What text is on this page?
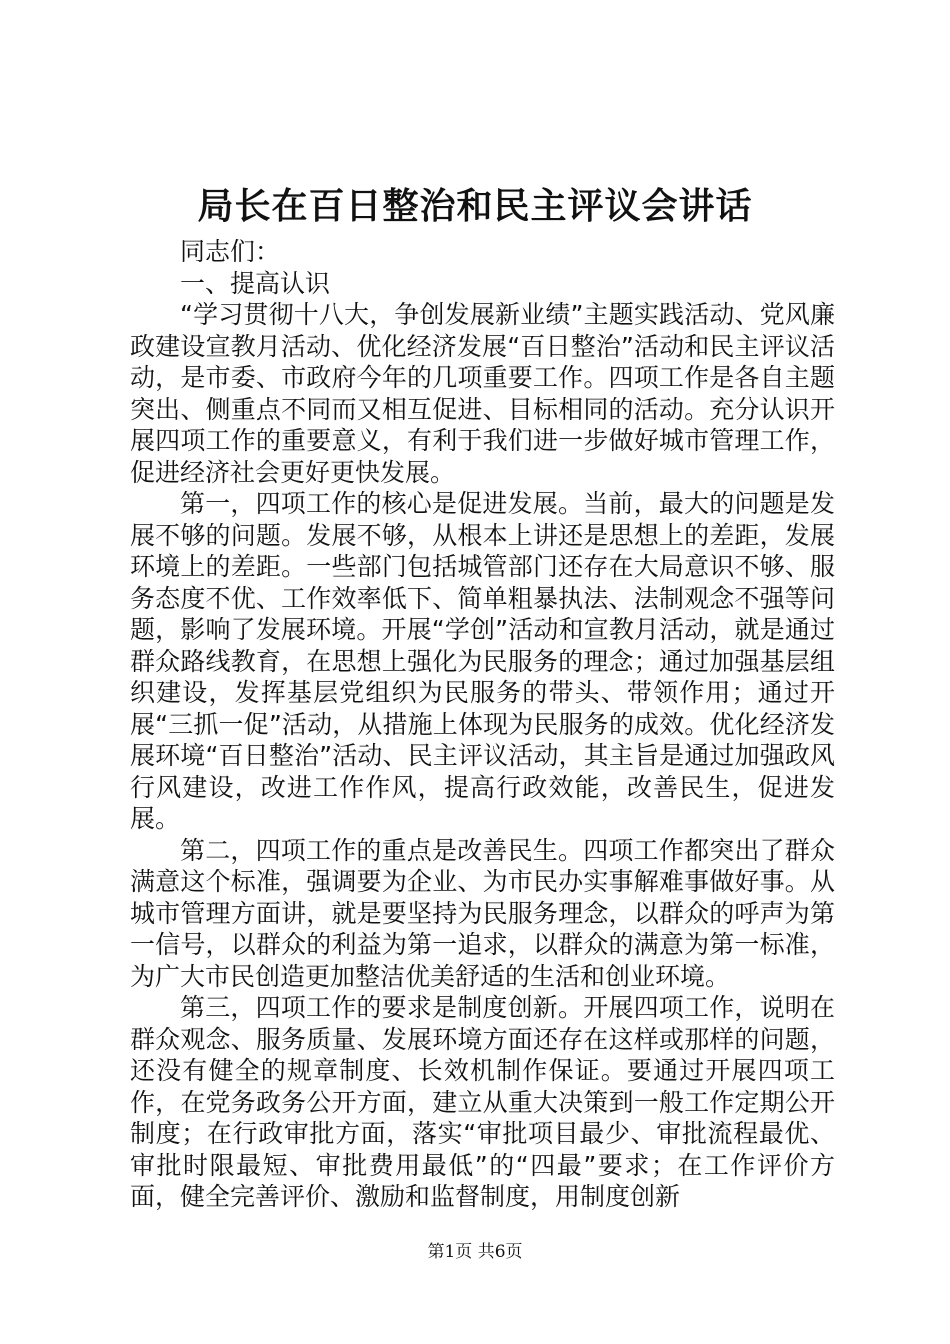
局长在百日整治和民主评议会讲话

同志们：

一、提高认识

“学习贯彻十八大，争创发展新业绩”主题实践活动、党风廉政建设宣教月活动、优化经济发展“百日整治”活动和民主评议活动，是市委、市政府今年的几项重要工作。四项工作是各自主题突出、侧重点不同而又相互促进、目标相同的活动。充分认识开展四项工作的重要意义，有利于我们进一步做好城市管理工作，促进经济社会更好更快发展。

第一，四项工作的核心是促进发展。当前，最大的问题是发展不够的问题。发展不够，从根本上讲还是思想上的差距，发展环境上的差距。一些部门包括城管部门还存在大局意识不够、服务态度不优、工作效率低下、简单粗暴执法、法制观念不强等问题，影响了发展环境。开展“学创”活动和宣教月活动，就是通过群众路线教育，在思想上强化为民服务的理念；通过加强基层组织建设，发挥基层党组织为民服务的带头、带领作用；通过开展“三抓一促”活动，从措施上体现为民服务的成效。优化经济发展环境“百日整治”活动、民主评议活动，其主旨是通过加强政风行风建设，改进工作作风，提高行政效能，改善民生，促进发展。

第二，四项工作的重点是改善民生。四项工作都突出了群众满意这个标准，强调要为企业、为市民办实事解难事做好事。从城市管理方面讲，就是要坚持为民服务理念，以群众的呼声为第一信号，以群众的利益为第一追求，以群众的满意为第一标准，为广大市民创造更加整洁优美舒适的生活和创业环境。

第三，四项工作的要求是制度创新。开展四项工作，说明在群众观念、服务质量、发展环境方面还存在这样或那样的问题，还没有健全的规章制度、长效机制作保证。要通过开展四项工作，在党务政务公开方面，建立从重大决策到一般工作定期公开制度；在行政审批方面，落实“审批项目最少、审批流程最优、审批时限最短、审批费用最低”的“四最”要求；在工作评价方面，健全完善评价、激励和监督制度，用制度创新

第1页 共6页
